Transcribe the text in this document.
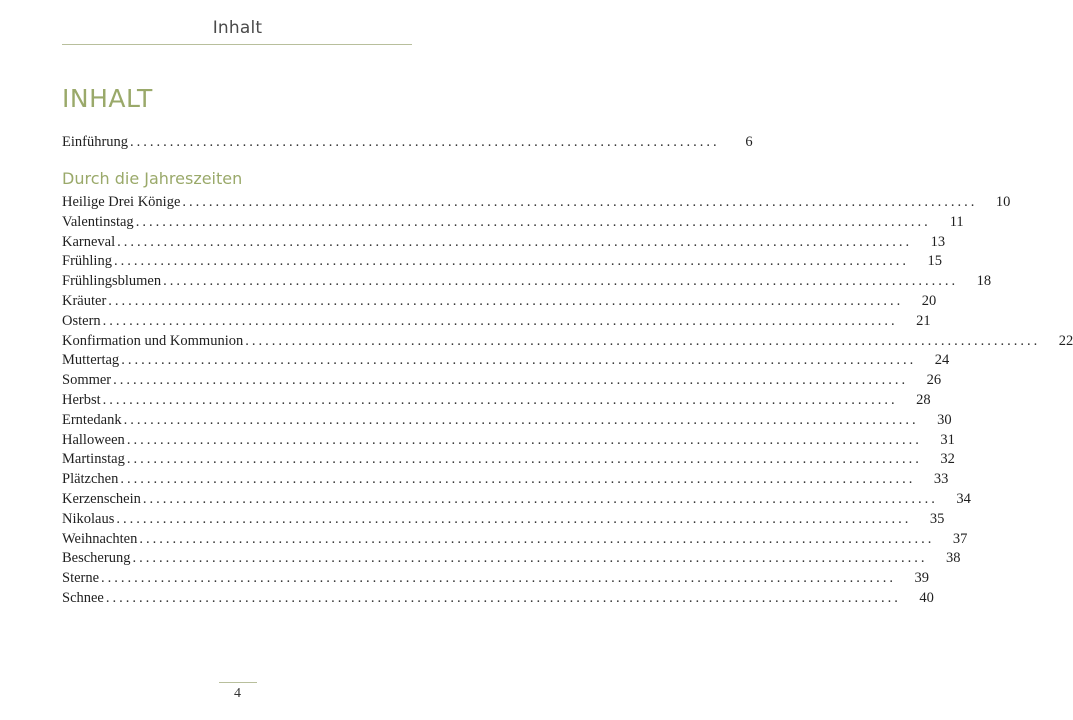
Inhalt
INHALT
Einführung .........................................................................................	6
Durch die Jahreszeiten
Heilige Drei Könige ........................................................................................................................	10
Valentinstag ........................................................................................................................	11
Karneval ........................................................................................................................	13
Frühling ........................................................................................................................	15
Frühlingsblumen ........................................................................................................................	18
Kräuter ........................................................................................................................	20
Ostern ........................................................................................................................	21
Konfirmation und Kommunion ........................................................................................................................	22
Muttertag ........................................................................................................................	24
Sommer ........................................................................................................................	26
Herbst ........................................................................................................................	28
Erntedank ........................................................................................................................	30
Halloween ........................................................................................................................	31
Martinstag ........................................................................................................................	32
Plätzchen ........................................................................................................................	33
Kerzenschein ........................................................................................................................	34
Nikolaus ........................................................................................................................	35
Weihnachten ........................................................................................................................	37
Bescherung ........................................................................................................................	38
Sterne ........................................................................................................................	39
Schnee ........................................................................................................................	40
4
